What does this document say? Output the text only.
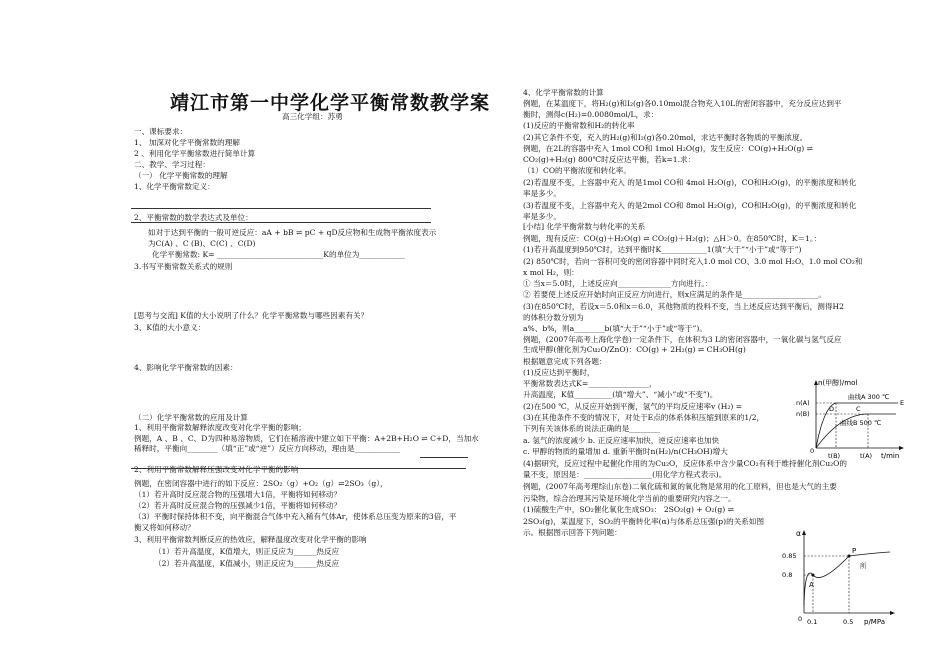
靖江市第一中学化学平衡常数教学案
高三化学组：苏勇
一、课标要求：
1、 加深对化学平衡常数的理解
2 、利用化学平衡常数进行简单计算
二、教学、学习过程：
（一） 化学平衡常数的理解
1、化学平衡常数定义：
2、平衡常数的数学表达式及单位：
如对于达到平衡的一般可逆反应：aA + bB ⇌ pC + qD反应物和生成物平衡浓度表示
为C(A) 、C (B)、C(C) 、C(D)
化学平衡常数: K= ____________________________K的单位为____________
3.书写平衡常数关系式的规则
[思考与交流] K值的大小说明了什么？化学平衡常数与哪些因素有关？
3、K值的大小意义：
4、影响化学平衡常数的因素：
（二）化学平衡常数的应用及计算
1、利用平衡常数解释浓度改变对化学平衡的影响；
例题，A 、B 、C、D为四种易溶物质，它们在稀溶液中建立如下平衡：A+2B+H₂O ⇌ C+D，当加水
稀释时，平衡向________（填“正”或“逆”）反应方向移动，理由是____________
2、利用平衡常数解释压强改变对化学平衡的影响
例题，在密闭容器中进行的如下反应：2SO₂（g）+O₂（g）⇌2SO₃（g），
（1）若升高时反应混合物的压强增大1倍，平衡将如何移动？
（2）若升高时反应混合物的压强减少1倍，平衡将如何移动？
（3）平衡时保持体积不变，向平衡混合气体中充入稀有气体Ar，使体系总压变为原来的3倍，平
衡又将如何移动？
3、利用平衡常数判断反应的热效应，解释温度改变对化学平衡的影响
（1）若升高温度，K值增大，则正反应为______热反应
（2）若升高温度，K值减小，则正反应为______热反应
4、化学平衡常数的计算
例题，在某温度下，将H₂(g)和I₂(g)各0.10mol混合物充入10L的密闭容器中，充分反应达到平
衡时，测得c(H₂)=0.0080mol/L，求：
(1)反应的平衡常数和H₂的转化率
(2)其它条件不变，充入的H₂(g)和I₂(g)各0.20mol，求达平衡时各物质的平衡浓度。
例题，在2L的容器中充入 1mol CO和 1mol H₂O(g)，发生反应：CO(g)+H₂O(g) ⇌
CO₂(g)+H₂(g) 800℃时反应达平衡，若k=1.求：
（1）CO的平衡浓度和转化率。
(2)若温度不变，上容器中充入 的是1mol CO和 4mol H₂O(g)，CO和H₂O(g)，的平衡浓度和转化
率是多少。
(3)若温度不变，上容器中充入 的是2mol CO和 8mol H₂O(g)，CO和H₂O(g)，的平衡浓度和转化
率是多少。
[小结] 化学平衡常数与转化率的关系
例题，现有反应：CO(g)＋H₂O(g) ⇌ CO₂(g)＋H₂(g)；△H＞0。在850℃时，K＝1。：
(1)若升高温度到950℃时，达到平衡时K____________1(填“大于”“小于”或“等于”)
(2) 850℃时，若向一容积可变的密闭容器中同时充入1.0 mol CO、3.0 mol H₂O、1.0 mol CO₂和
x mol H₂，则：
① 当x＝5.0时，上述反应向______________方向进行。：
② 若要使上述反应开始时向正反应方向进行，则x应满足的条件是____________________。
(3)在850℃时，若设x＝5.0和x＝6.0，其他物质的投料不变，当上述反应达到平衡后，测得H2
的体积分数分别为
a%、b%，则a________b(填“大于”“小于”或“等于”)。
例题，(2007年高考上海化学卷)一定条件下，在体积为3 L的密闭容器中，一氧化碳与氢气反应
生成甲醇(催化剂为Cu₂O/ZnO)：CO(g) + 2H₂(g) ⇌ CH₃OH(g)
根据题意完成下列各题：
(1)反应达到平衡时，
平衡常数表达式K=________________，
升高温度，K值__________(填“增大”、“减小”或“不变”)。
(2)在500 ℃，从反应开始到平衡，氢气的平均反应速率v (H₂) =
(3)在其他条件不变的情况下，对处于E点的体系体积压缩到原来的1/2，
下列有关该体系的说法正确的是________
a. 氢气的浓度减少 b. 正反应速率加快，逆反应速率也加快
c. 甲醇的物质的量增加 d. 重新平衡时n(H₂)/n(CH₃OH)增大
(4)据研究，反应过程中起催化作用的为Cu₂O，反应体系中含少量CO₂有利于维持催化剂Cu₂O的
量不变，原因是：__________________(用化学方程式表示)。
例题，(2007年高考理综山东卷)二氧化硫和氮的氧化物是常用的化工原料，但也是大气的主要
污染物，综合治理其污染是环境化学当前的重要研究内容之一。
(1)硫酸生产中，SO₂催化氧化生成SO₃： 2SO₂(g) + O₂(g) ⇌
2SO₃(g)，某温度下，SO₂的平衡转化率(α)与体系总压强(p)的关系如图
示。根据图示回答下列问题：
n(甲醇)/mol
t/min
n(A)
n(B)
t(B)	t(A)
0
曲线A 300 ℃
曲线B 500 ℃
D	C
E
α
p/MPa
0.8
0.85
0.1	0.5
0
A
P
所
